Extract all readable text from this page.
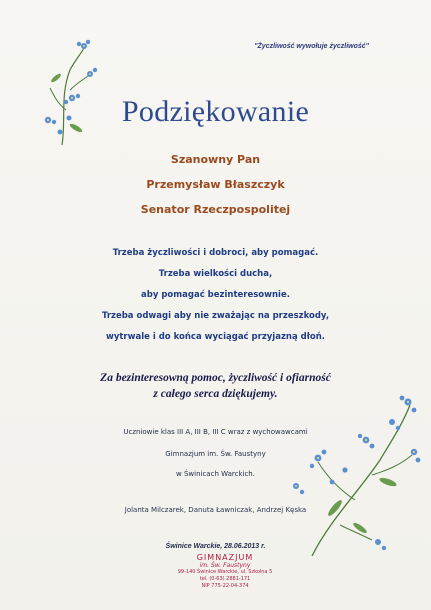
"Życzliwość wywołuje życzliwość"
Podziękowanie
Szanowny Pan
Przemysław Błaszczyk
Senator Rzeczpospolitej
Trzeba życzliwości i dobroci, aby pomagać.
Trzeba wielkości ducha,
aby pomagać bezinteresownie.
Trzeba odwagi aby nie zważając na przeszkody,
wytrwale i do końca wyciągać przyjazną dłoń.
Za bezinteresowną pomoc, życzliwość i ofiarność
z całego serca dziękujemy.
Uczniowie klas III A, III B, III C wraz z wychowawcami
Gimnazjum im. Św. Faustyny
w Świnicach Warckich.
Jolanta Milczarek, Danuta Ławniczak, Andrzej Kęska
Świnice Warckie, 28.06.2013 r.
GIMNAZJUM
im. Św. Faustyny
99-140 Świnice Warckie, ul. Szkolna 5
tel. (0-63) 2881-171
NIP 775-22-04-374
